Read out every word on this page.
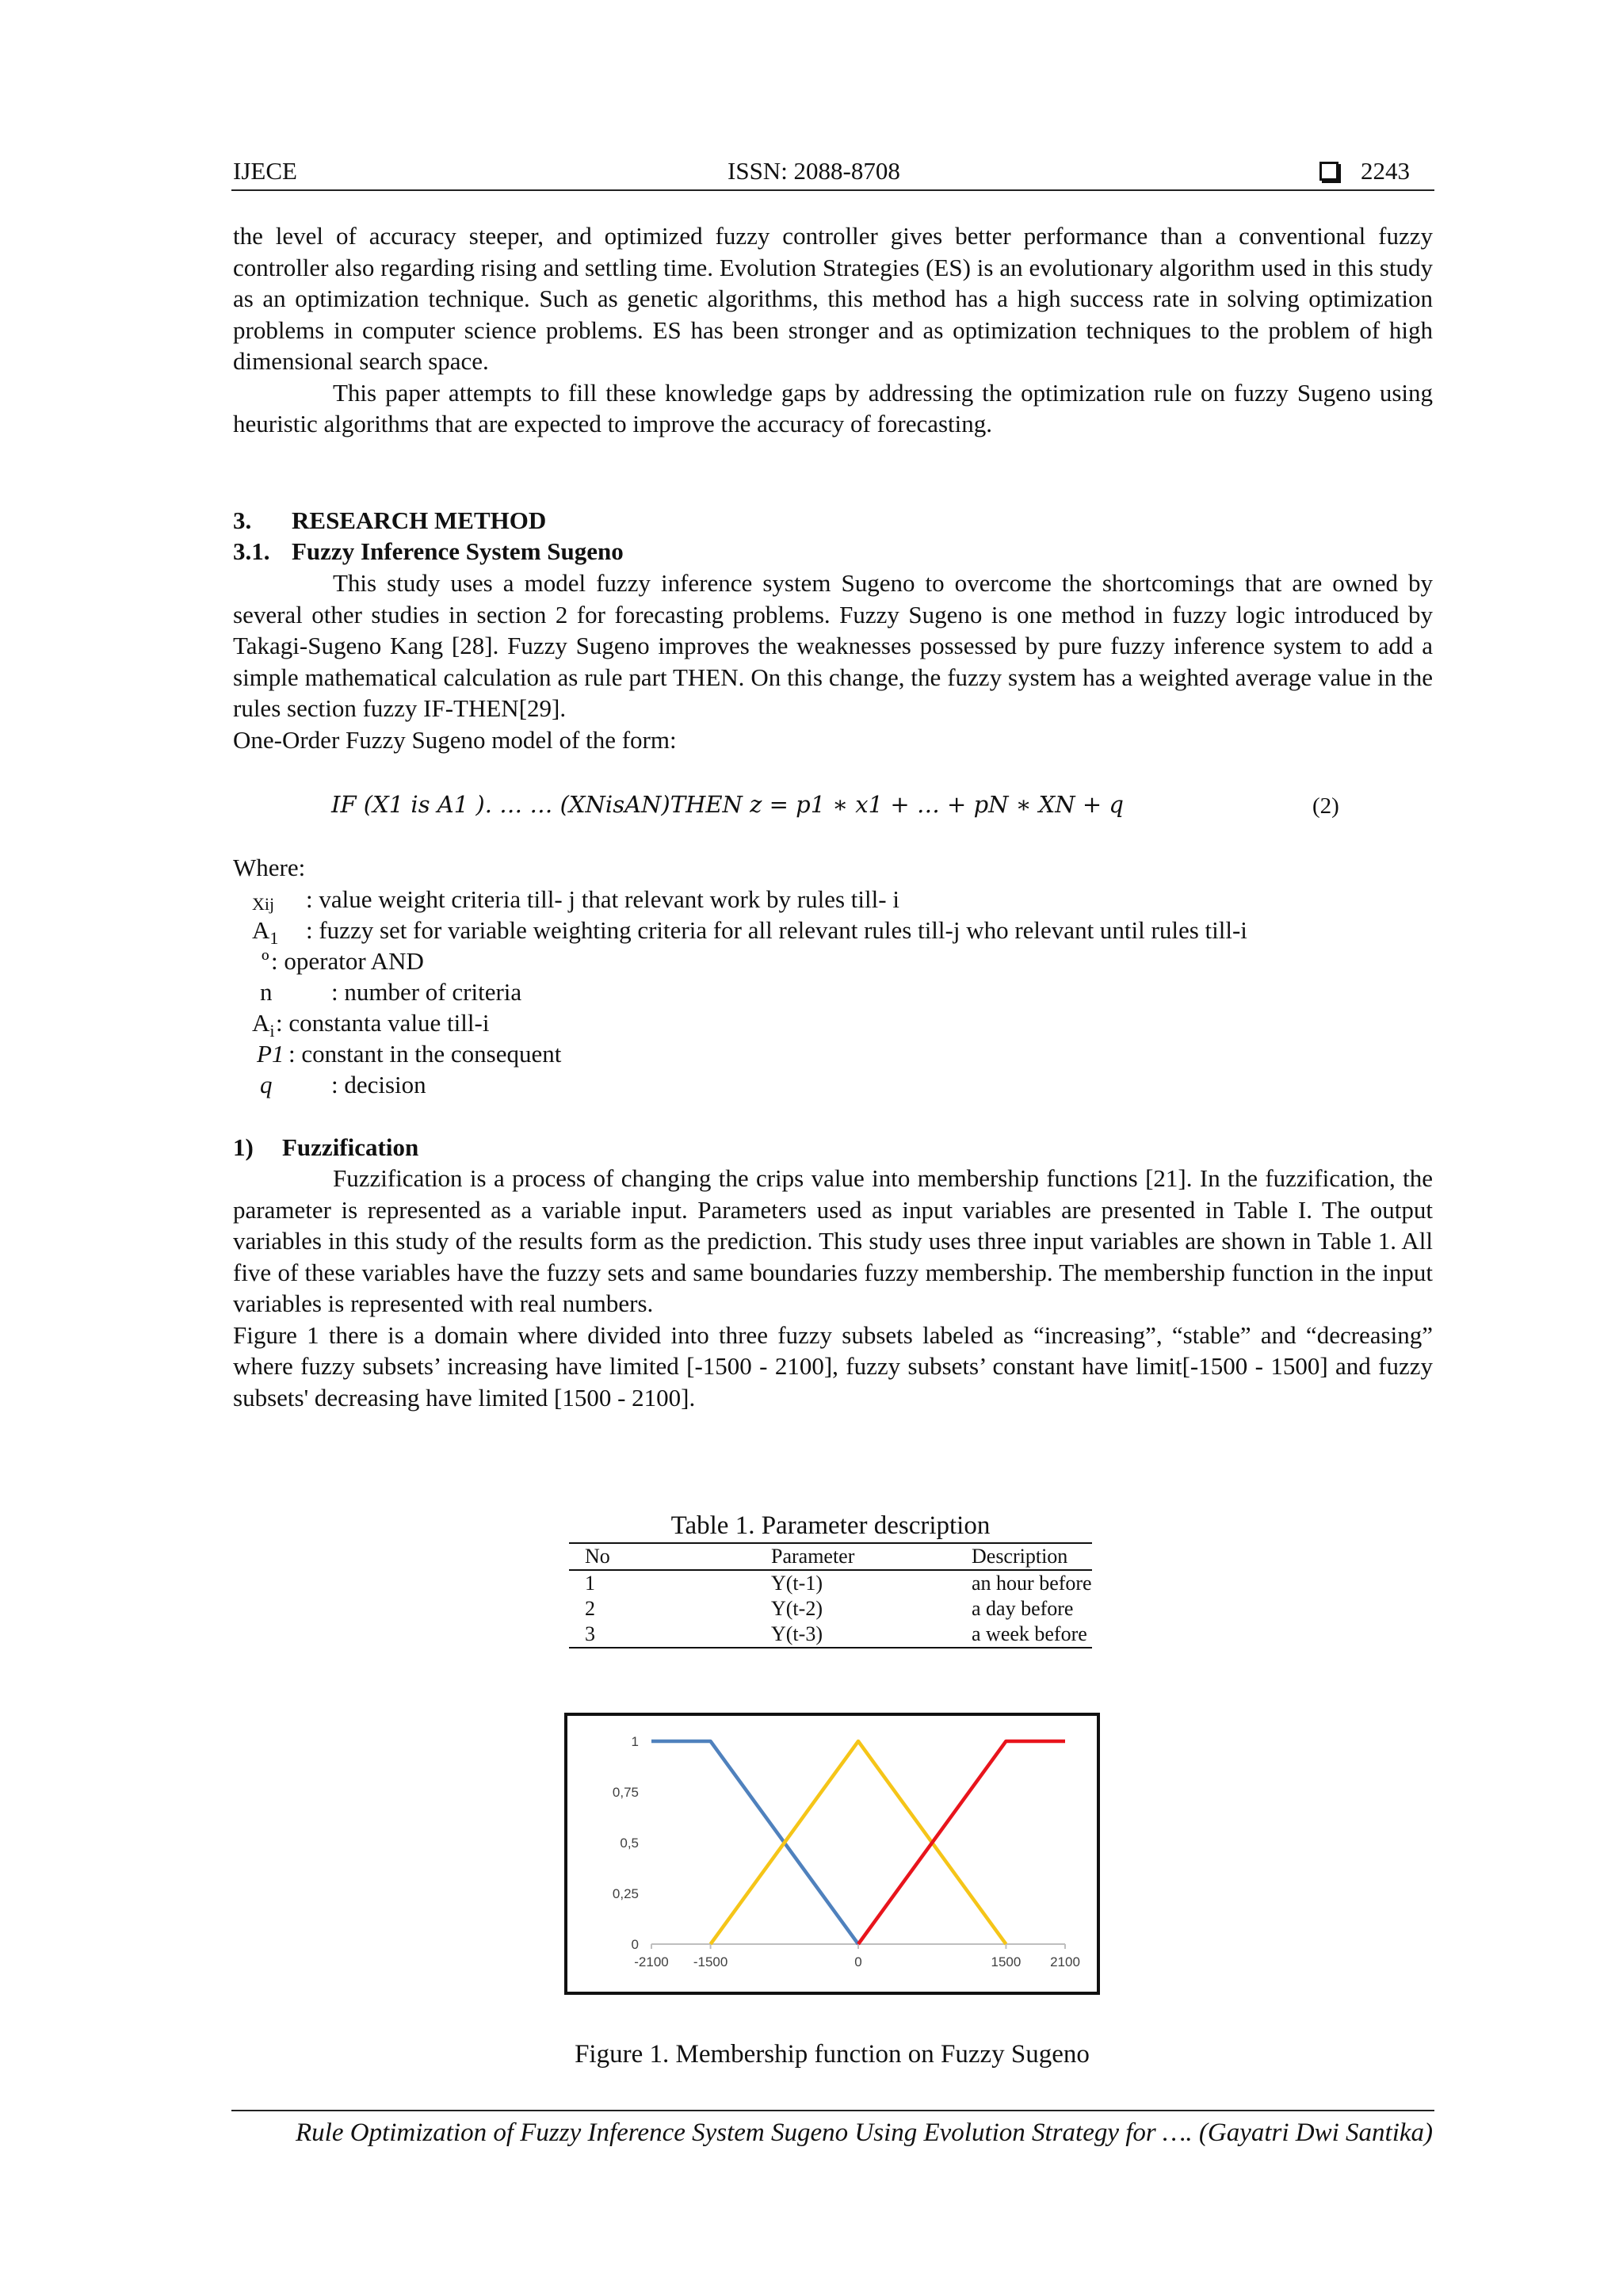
IJECE	ISSN: 2088-8708	2243

the level of accuracy steeper, and optimized fuzzy controller gives better performance than a conventional fuzzy controller also regarding rising and settling time. Evolution Strategies (ES) is an evolutionary algorithm used in this study as an optimization technique. Such as genetic algorithms, this method has a high success rate in solving optimization problems in computer science problems. ES has been stronger and as optimization techniques to the problem of high dimensional search space.

This paper attempts to fill these knowledge gaps by addressing the optimization rule on fuzzy Sugeno using heuristic algorithms that are expected to improve the accuracy of forecasting.

3. RESEARCH METHOD
3.1. Fuzzy Inference System Sugeno

This study uses a model fuzzy inference system Sugeno to overcome the shortcomings that are owned by several other studies in section 2 for forecasting problems. Fuzzy Sugeno is one method in fuzzy logic introduced by Takagi-Sugeno Kang [28]. Fuzzy Sugeno improves the weaknesses possessed by pure fuzzy inference system to add a simple mathematical calculation as rule part THEN. On this change, the fuzzy system has a weighted average value in the rules section fuzzy IF-THEN[29].

One-Order Fuzzy Sugeno model of the form:

IF (X1 is A1 ). … … (XNisAN)THEN z = p1 ∗ x1 + … + pN ∗ XN + q	(2)
Where:
Xij : value weight criteria till- j that relevant work by rules till- i
$A_1$ : fuzzy set for variable weighting criteria for all relevant rules till-j who relevant until rules till-i
º : operator AND
n : number of criteria
$A_i$ : constanta value till-i
P1 : constant in the consequent
q : decision
1) Fuzzification

Fuzzification is a process of changing the crips value into membership functions [21]. In the fuzzification, the parameter is represented as a variable input. Parameters used as input variables are presented in Table I. The output variables in this study of the results form as the prediction. This study uses three input variables are shown in Table 1. All five of these variables have the fuzzy sets and same boundaries fuzzy membership. The membership function in the input variables is represented with real numbers.

Figure 1 there is a domain where divided into three fuzzy subsets labeled as “increasing”, “stable” and “decreasing” where fuzzy subsets’ increasing have limited [-1500 - 2100], fuzzy subsets’ constant have limit[-1500 - 1500] and fuzzy subsets' decreasing have limited [1500 - 2100].

Table 1. Parameter description
No	Parameter	Description
1	Y(t-1)	an hour before
2	Y(t-2)	a day before
3	Y(t-3)	a week before
0
0,25
0,5
0,75
1
-2100 -1500	0	1500 2100
Figure 1. Membership function on Fuzzy Sugeno
Rule Optimization of Fuzzy Inference System Sugeno Using Evolution Strategy for …. (Gayatri Dwi Santika)
